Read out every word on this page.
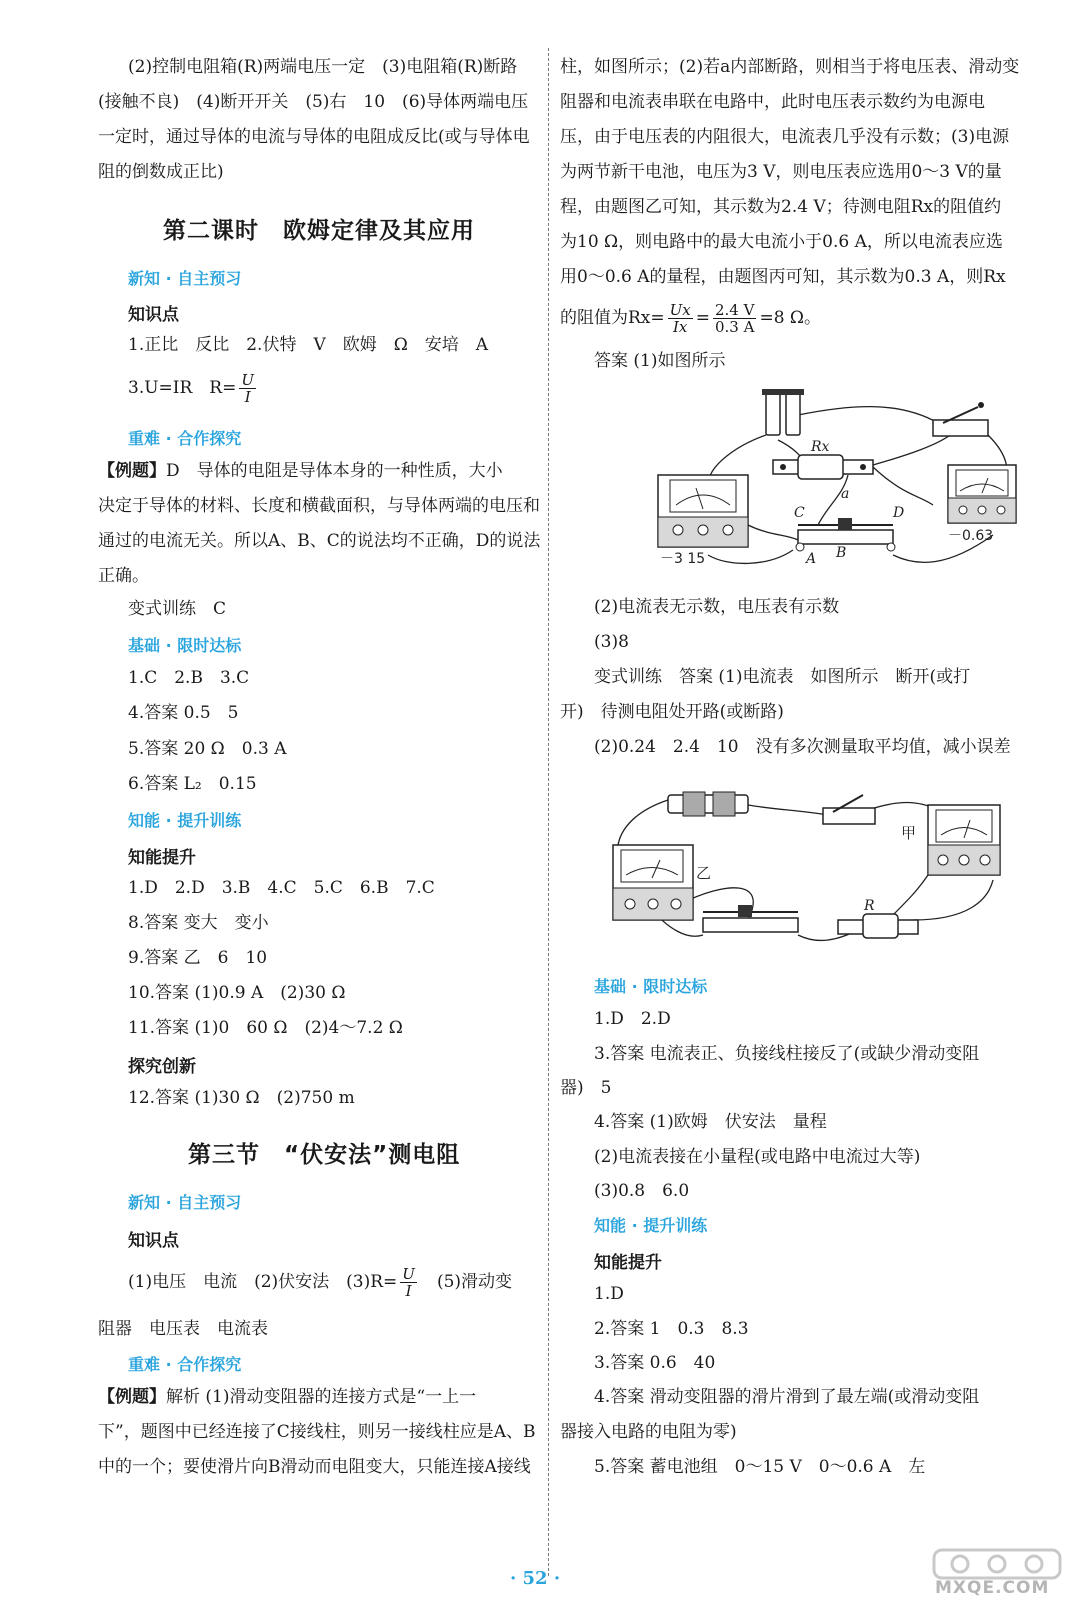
(2)控制电阻箱(R)两端电压一定　(3)电阻箱(R)断路
(接触不良)　(4)断开开关　(5)右　10　(6)导体两端电压
一定时，通过导体的电流与导体的电阻成反比(或与导体电
阻的倒数成正比)
第二课时　欧姆定律及其应用
新知 · 自主预习
知识点
1.正比　反比　2.伏特　V　欧姆　Ω　安培　A
3.U=IR　$R= \frac{U}{I}$
重难 · 合作探究
【例题】D　导体的电阻是导体本身的一种性质，大小
决定于导体的材料、长度和横截面积，与导体两端的电压和
通过的电流无关。所以A、B、C的说法均不正确，D的说法
正确。
变式训练　C
基础 · 限时达标
1.C　2.B　3.C
4.答案 0.5　5
5.答案 20 Ω　0.3 A
6.答案 L₂　0.15
知能 · 提升训练
知能提升
1.D　2.D　3.B　4.C　5.C　6.B　7.C
8.答案 变大　变小
9.答案 乙　6　10
10.答案 (1)0.9 A　(2)30 Ω
11.答案 (1)0　60 Ω　(2)4～7.2 Ω
探究创新
12.答案 (1)30 Ω　(2)750 m
第三节　“伏安法”测电阻
新知 · 自主预习
知识点
(1)电压　电流　(2)伏安法　$(3)R= \frac{U}{I}$ 　(5)滑动变
阻器　电压表　电流表
重难 · 合作探究
【例题】解析 (1)滑动变阻器的连接方式是“一上一
下”，题图中已经连接了C接线柱，则另一接线柱应是A、B
中的一个；要使滑片向B滑动而电阻变大，只能连接A接线
柱，如图所示；(2)若a内部断路，则相当于将电压表、滑动变
阻器和电流表串联在电路中，此时电压表示数约为电源电
压，由于电压表的内阻很大，电流表几乎没有示数；(3)电源
为两节新干电池，电压为3 V，则电压表应选用0～3 V的量
程，由题图乙可知，其示数为2.4 V；待测电阻Rx的阻值约
为10 Ω，则电路中的最大电流小于0.6 A，所以电流表应选
用0～0.6 A的量程，由题图丙可知，其示数为0.3 A，则Rx
的阻值为$Rx= \frac{Ux}{Ix} = \frac{2.4 V}{0.3 A} =8$ Ω。
答案 (1)如图所示
Rx
a
－3 15
C	D
A B
－0.63
(2)电流表无示数，电压表有示数
(3)8
变式训练　答案 (1)电流表　如图所示　断开(或打
开)　待测电阻处开路(或断路)
(2)0.24　2.4　10　没有多次测量取平均值，减小误差
甲
乙
R
基础 · 限时达标
1.D　2.D
3.答案 电流表正、负接线柱接反了(或缺少滑动变阻
器)　5
4.答案 (1)欧姆　伏安法　量程
(2)电流表接在小量程(或电路中电流过大等)
(3)0.8　6.0
知能 · 提升训练
知能提升
1.D
2.答案 1　0.3　8.3
3.答案 0.6　40
4.答案 滑动变阻器的滑片滑到了最左端(或滑动变阻
器接入电路的电阻为零)
5.答案 蓄电池组　0～15 V　0～0.6 A　左
· 52 ·	MXQE.COM
